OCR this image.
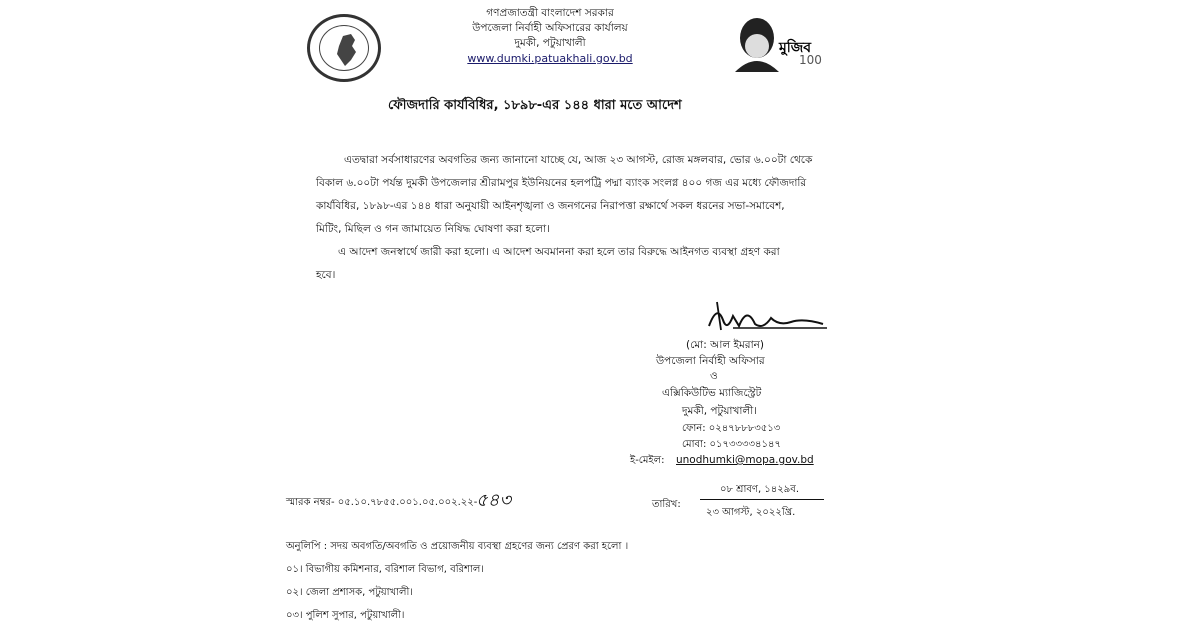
গণপ্রজাতন্ত্রী বাংলাদেশ সরকার
উপজেলা নির্বাহী অফিসারের কার্যালয়
দুমকী, পটুয়াখালী
www.dumki.patuakhali.gov.bd
মুজিব
100
ফৌজদারি কার্যবিধির, ১৮৯৮-এর ১৪৪ ধারা মতে আদেশ
এতদ্বারা সর্বসাধারণের অবগতির জন্য জানানো যাচ্ছে যে, আজ ২৩ আগস্ট, রোজ মঙ্গলবার, ভোর ৬.০০টা থেকে
বিকাল ৬.০০টা পর্যন্ত দুমকী উপজেলার শ্রীরামপুর ইউনিয়নের হলপট্রি পদ্মা ব্যাংক সংলগ্ন ৪০০ গজ এর মধ্যে ফৌজদারি
কার্যবিধির, ১৮৯৮-এর ১৪৪ ধারা অনুযায়ী আইনশৃঙ্খলা ও জনগনের নিরাপত্তা রক্ষার্থে সকল ধরনের সভা-সমাবেশ,
মিটিং, মিছিল ও গন জামায়েত নিষিদ্ধ ঘোষণা করা হলো।
এ আদেশ জনস্বার্থে জারী করা হলো। এ আদেশ অবমাননা করা হলে তার বিরুদ্ধে আইনগত ব্যবস্থা গ্রহণ করা
হবে।
(মো: আল ইমরান)
উপজেলা নির্বাহী অফিসার
ও
এক্সিকিউটিভ ম্যাজিস্ট্রেট
দুমকী, পটুয়াখালী।
ফোন: ০২৪৭৮৮৮৩৫১৩
মোবা: ০১৭৩৩৩৩৪১৪৭
ই-মেইল: unodhumki@mopa.gov.bd
স্মারক নম্বর- ০৫.১০.৭৮৫৫.০০১.০৫.০০২.২২-
৫৪৩	তারিখ:
০৮ শ্রাবণ, ১৪২৯ব.
২৩ আগস্ট, ২০২২খ্রি.
অনুলিপি : সদয় অবগতি/অবগতি ও প্রয়োজনীয় ব্যবস্থা গ্রহণের জন্য প্রেরণ করা হলো ।
০১। বিভাগীয় কমিশনার, বরিশাল বিভাগ, বরিশাল।
০২। জেলা প্রশাসক, পটুয়াখালী।
০৩। পুলিশ সুপার, পটুয়াখালী।
